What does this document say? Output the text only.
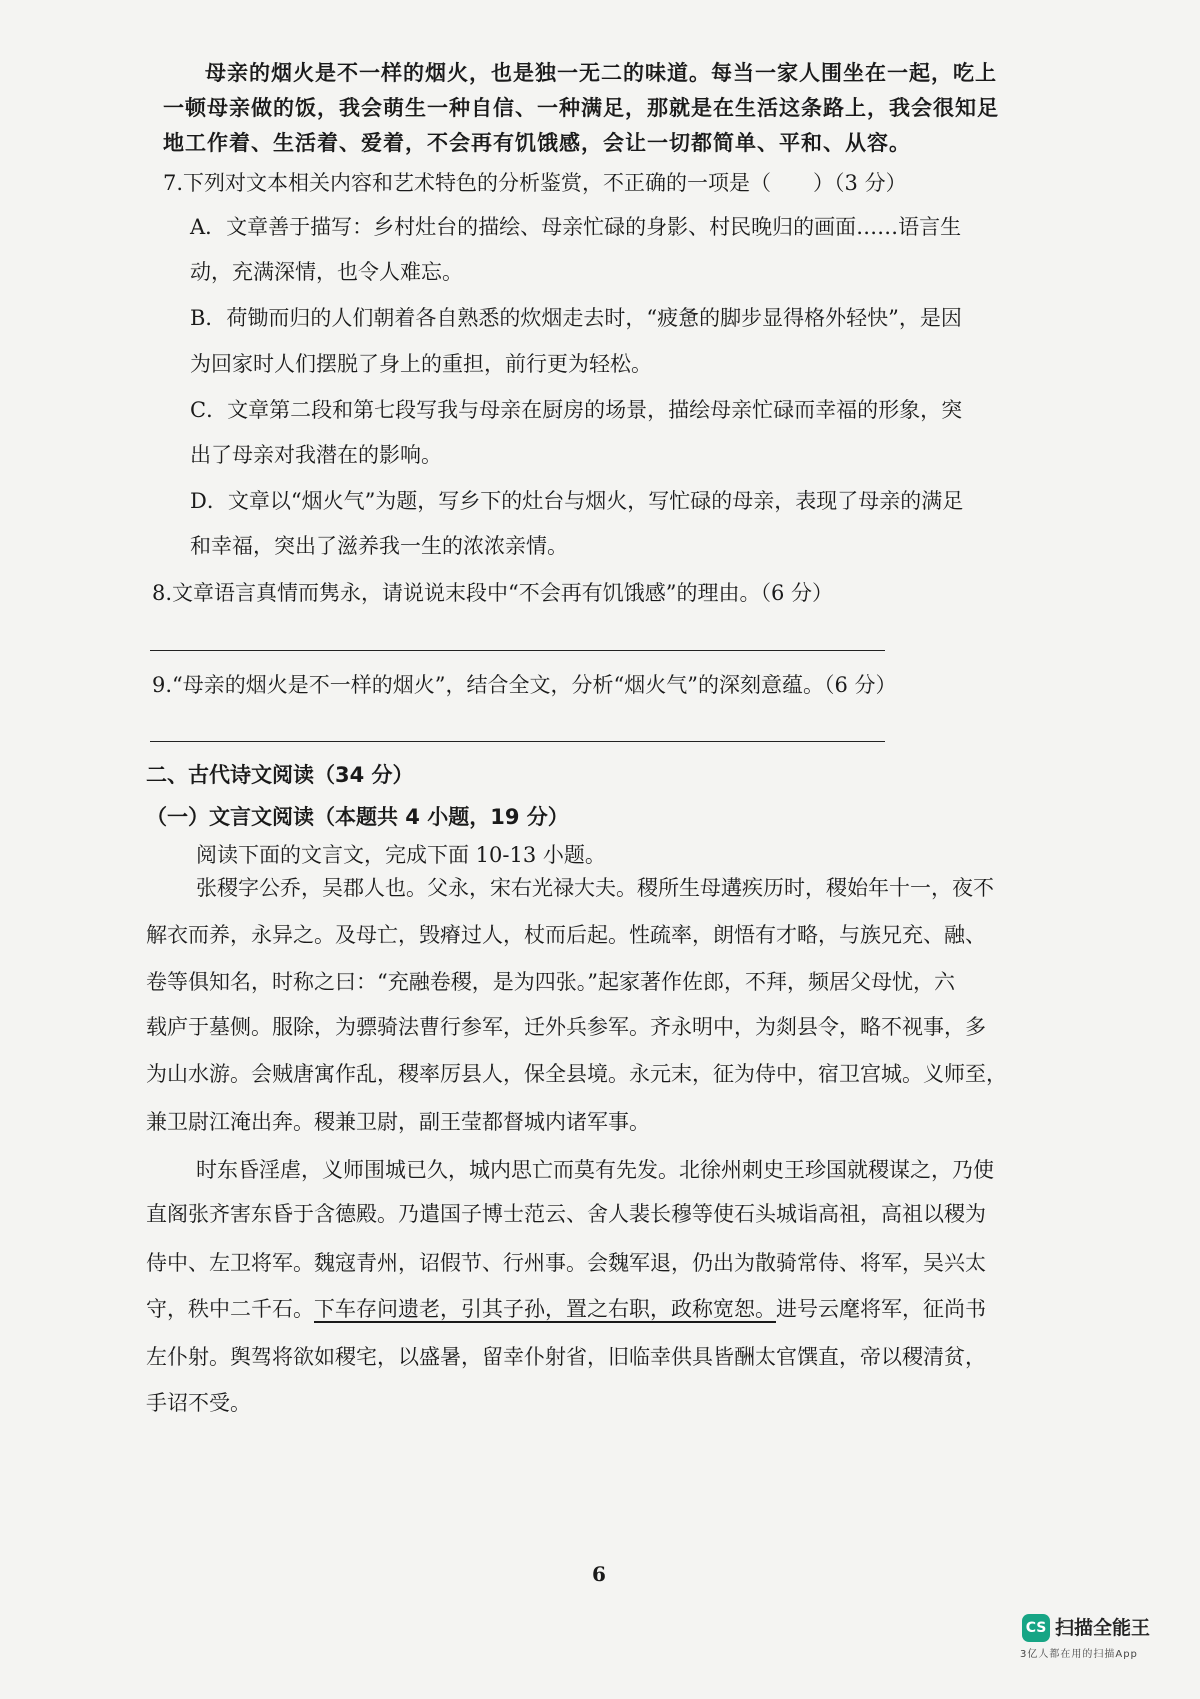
母亲的烟火是不一样的烟火，也是独一无二的味道。每当一家人围坐在一起，吃上
一顿母亲做的饭，我会萌生一种自信、一种满足，那就是在生活这条路上，我会很知足
地工作着、生活着、爱着，不会再有饥饿感，会让一切都简单、平和、从容。
7.下列对文本相关内容和艺术特色的分析鉴赏，不正确的一项是（　　）（3 分）
A．文章善于描写：乡村灶台的描绘、母亲忙碌的身影、村民晚归的画面……语言生
动，充满深情，也令人难忘。
B．荷锄而归的人们朝着各自熟悉的炊烟走去时，“疲惫的脚步显得格外轻快”，是因
为回家时人们摆脱了身上的重担，前行更为轻松。
C．文章第二段和第七段写我与母亲在厨房的场景，描绘母亲忙碌而幸福的形象，突
出了母亲对我潜在的影响。
D．文章以“烟火气”为题，写乡下的灶台与烟火，写忙碌的母亲，表现了母亲的满足
和幸福，突出了滋养我一生的浓浓亲情。
8.文章语言真情而隽永，请说说末段中“不会再有饥饿感”的理由。（6 分）
9.“母亲的烟火是不一样的烟火”，结合全文，分析“烟火气”的深刻意蕴。（6 分）
二、古代诗文阅读（34 分）
（一）文言文阅读（本题共 4 小题，19 分）
阅读下面的文言文，完成下面 10-13 小题。
张稷字公乔，吴郡人也。父永，宋右光禄大夫。稷所生母遘疾历时，稷始年十一，夜不
解衣而养，永异之。及母亡，毁瘠过人，杖而后起。性疏率，朗悟有才略，与族兄充、融、
卷等俱知名，时称之曰：“充融卷稷，是为四张。”起家著作佐郎，不拜，频居父母忧，六
载庐于墓侧。服除，为骠骑法曹行参军，迁外兵参军。齐永明中，为剡县令，略不视事，多
为山水游。会贼唐寓作乱，稷率厉县人，保全县境。永元末，征为侍中，宿卫宫城。义师至，
兼卫尉江淹出奔。稷兼卫尉，副王莹都督城内诸军事。
时东昏淫虐，义师围城已久，城内思亡而莫有先发。北徐州刺史王珍国就稷谋之，乃使
直阁张齐害东昏于含德殿。乃遣国子博士范云、舍人裴长穆等使石头城诣高祖，高祖以稷为
侍中、左卫将军。魏寇青州，诏假节、行州事。会魏军退，仍出为散骑常侍、将军，吴兴太
守，秩中二千石。下车存问遗老，引其子孙，置之右职，政称宽恕。进号云麾将军，征尚书
左仆射。舆驾将欲如稷宅，以盛暑，留幸仆射省，旧临幸供具皆酬太官馔直，帝以稷清贫，
手诏不受。
6
CS 扫描全能王
3亿人都在用的扫描App
